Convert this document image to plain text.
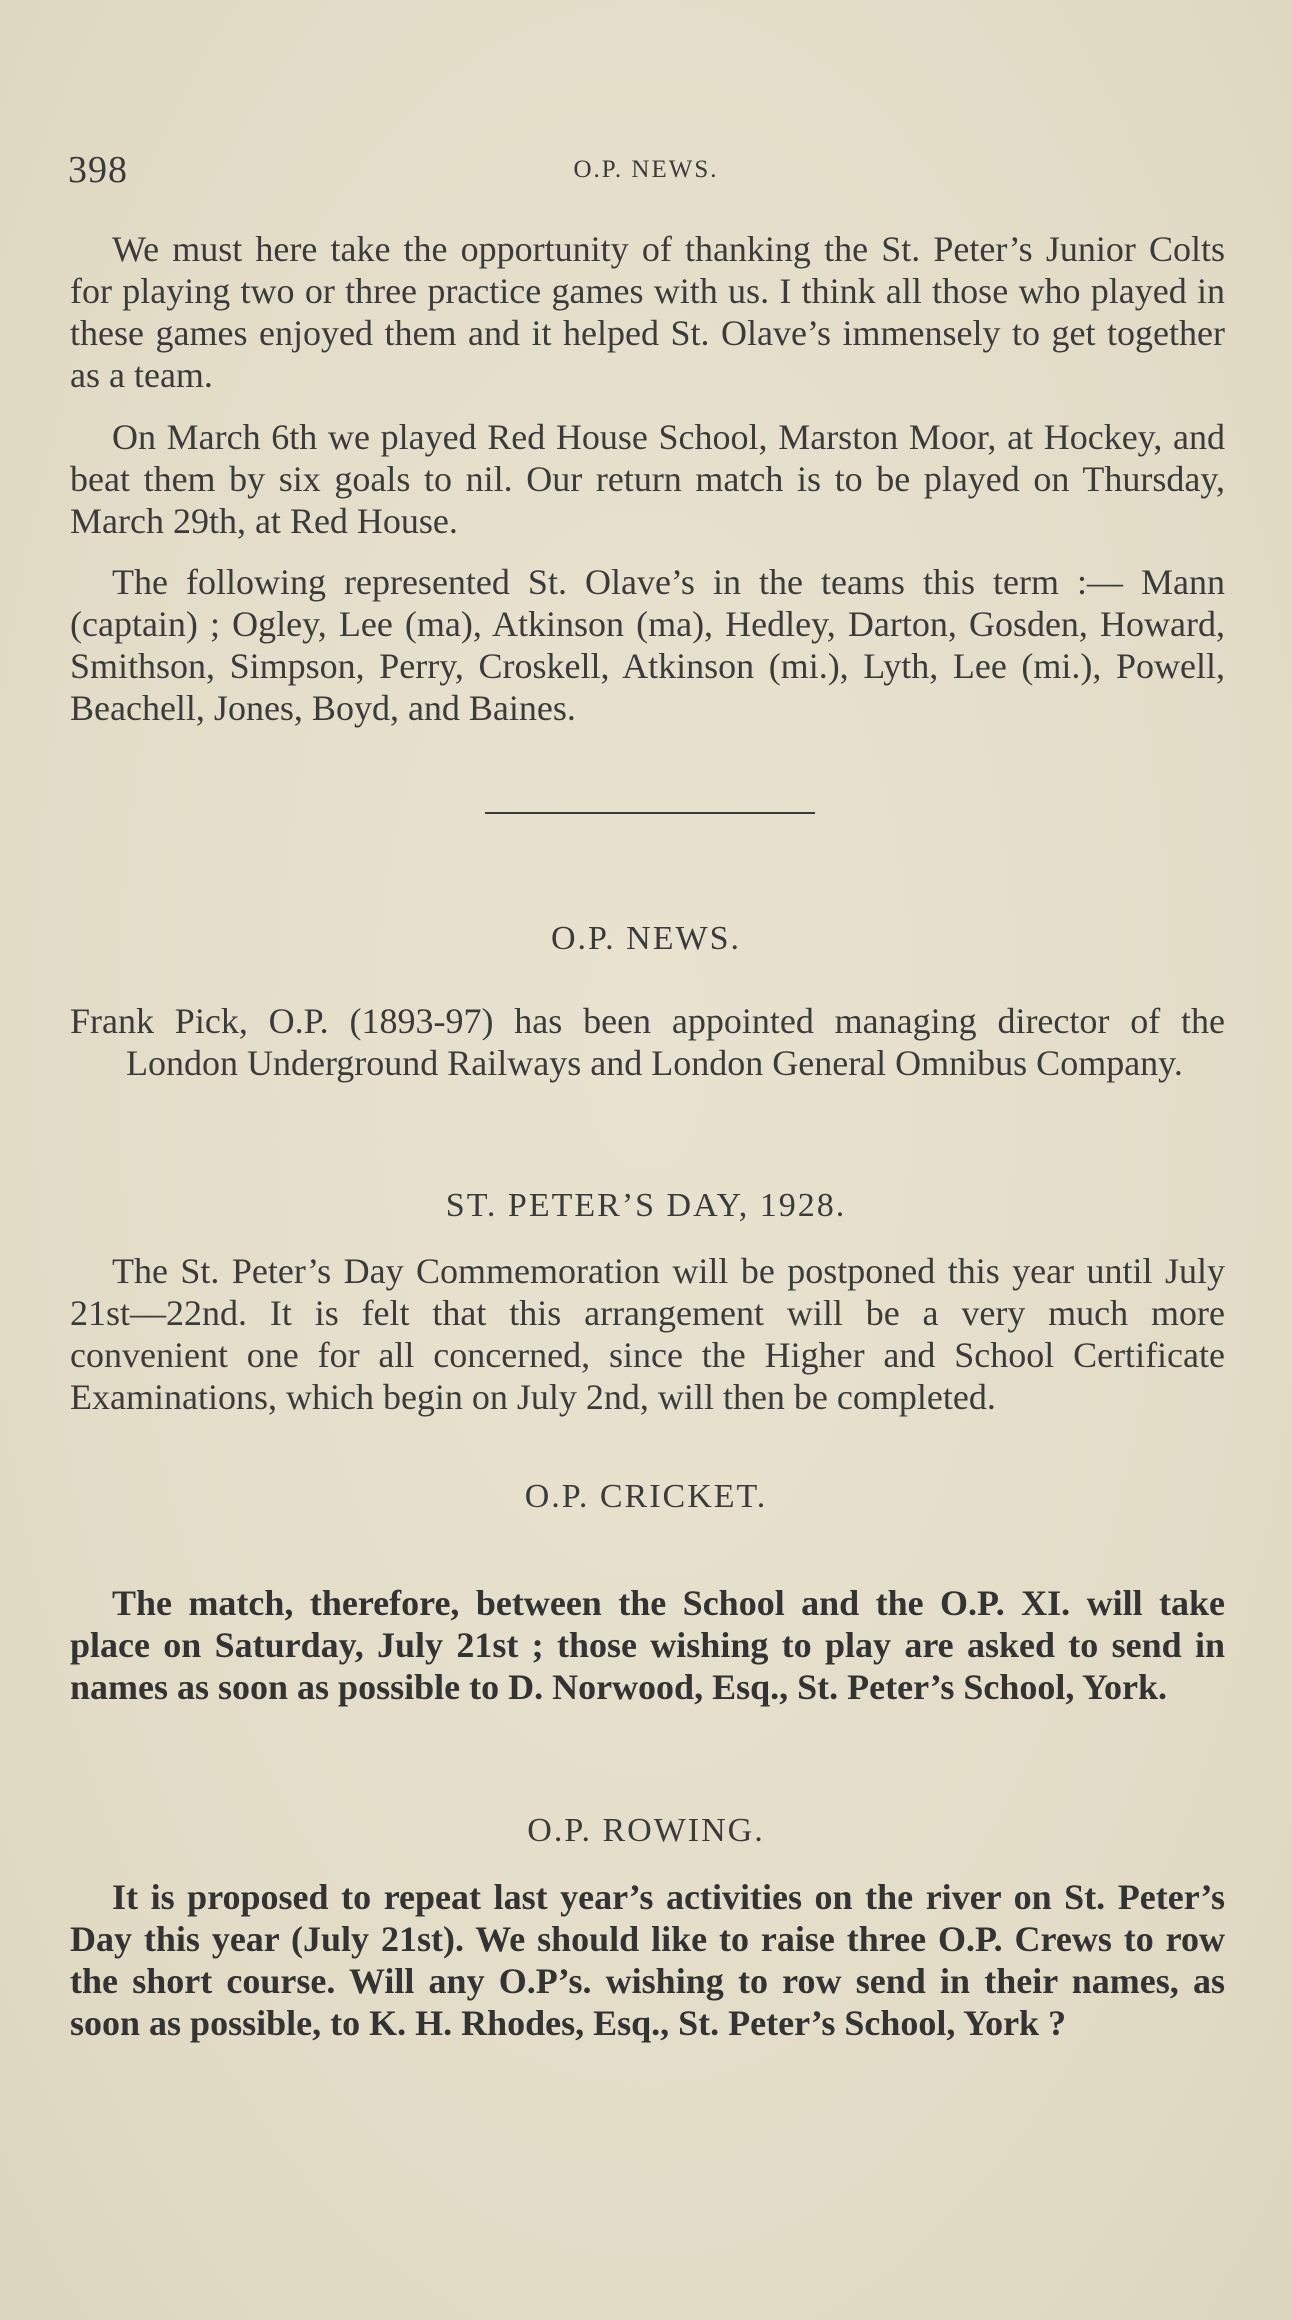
398	O.P. NEWS.

We must here take the opportunity of thanking the St. Peter’s Junior Colts for playing two or three practice games with us. I think all those who played in these games enjoyed them and it helped St. Olave’s immensely to get together as a team.

On March 6th we played Red House School, Marston Moor, at Hockey, and beat them by six goals to nil. Our return match is to be played on Thursday, March 29th, at Red House.

The following represented St. Olave’s in the teams this term :— Mann (captain) ; Ogley, Lee (ma), Atkinson (ma), Hedley, Darton, Gosden, Howard, Smithson, Simpson, Perry, Croskell, Atkinson (mi.), Lyth, Lee (mi.), Powell, Beachell, Jones, Boyd, and Baines.

O.P. NEWS.

Frank Pick, O.P. (1893-97) has been appointed managing director of the London Underground Railways and London General Omnibus Company.

ST. PETER’S DAY, 1928.

The St. Peter’s Day Commemoration will be postponed this year until July 21st—22nd. It is felt that this arrangement will be a very much more convenient one for all concerned, since the Higher and School Certificate Examinations, which begin on July 2nd, will then be completed.

O.P. CRICKET.

The match, therefore, between the School and the O.P. XI. will take place on Saturday, July 21st ; those wishing to play are asked to send in names as soon as possible to D. Norwood, Esq., St. Peter’s School, York.

O.P. ROWING.

It is proposed to repeat last year’s activities on the river on St. Peter’s Day this year (July 21st). We should like to raise three O.P. Crews to row the short course. Will any O.P’s. wishing to row send in their names, as soon as possible, to K. H. Rhodes, Esq., St. Peter’s School, York ?
